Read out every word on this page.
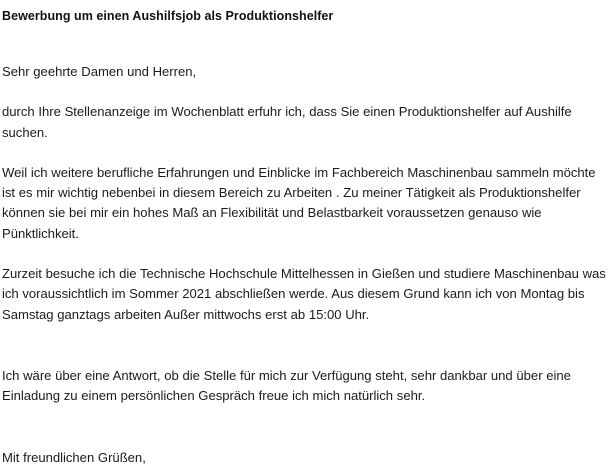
Bewerbung um einen Aushilfsjob als Produktionshelfer

Sehr geehrte Damen und Herren,

durch Ihre Stellenanzeige im Wochenblatt erfuhr ich, dass Sie einen Produktionshelfer auf Aushilfe suchen.

Weil ich weitere berufliche Erfahrungen und Einblicke im Fachbereich Maschinenbau sammeln möchte ist es mir wichtig nebenbei in diesem Bereich zu Arbeiten . Zu meiner Tätigkeit als Produktionshelfer können sie bei mir ein hohes Maß an Flexibilität und Belastbarkeit voraussetzen genauso wie Pünktlichkeit.

Zurzeit besuche ich die Technische Hochschule Mittelhessen in Gießen und studiere Maschinenbau was ich voraussichtlich im Sommer 2021 abschließen werde. Aus diesem Grund kann ich von Montag bis Samstag ganztags arbeiten Außer mittwochs erst ab 15:00 Uhr.

Ich wäre über eine Antwort, ob die Stelle für mich zur Verfügung steht, sehr dankbar und über eine Einladung zu einem persönlichen Gespräch freue ich mich natürlich sehr.

Mit freundlichen Grüßen,
